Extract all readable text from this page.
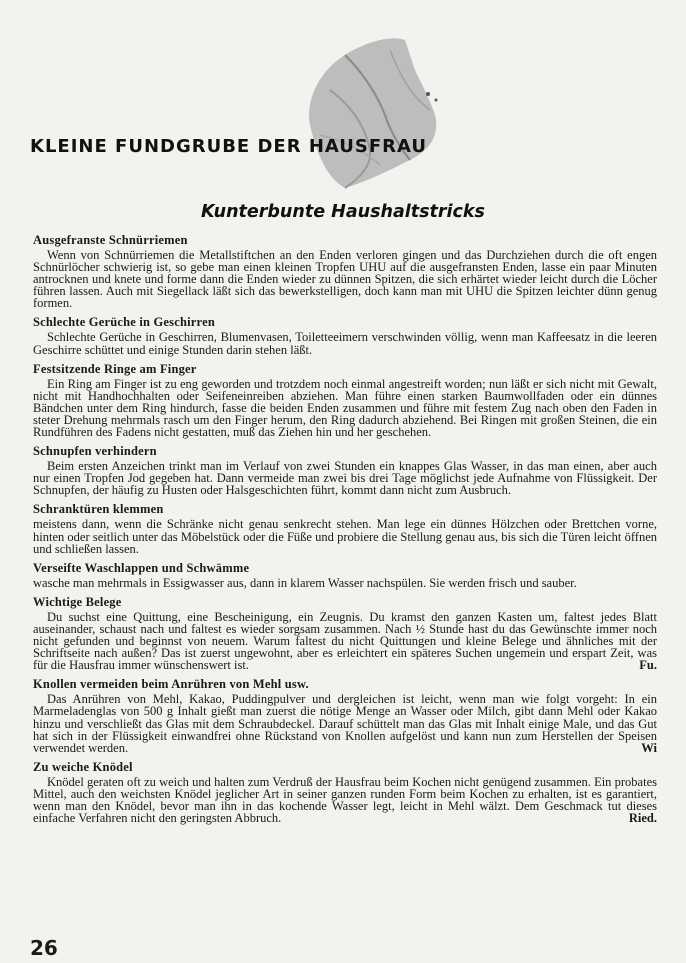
KLEINE FUNDGRUBE DER HAUSFRAU
Kunterbunte Haushaltstricks
Ausgefranste Schnürriemen

Wenn von Schnürriemen die Metallstiftchen an den Enden verloren gingen und das Durchziehen durch die oft engen Schnürlöcher schwierig ist, so gebe man einen kleinen Tropfen UHU auf die ausgefransten Enden, lasse ein paar Minuten antrocknen und knete und forme dann die Enden wieder zu dünnen Spitzen, die sich erhärtet wieder leicht durch die Löcher führen lassen. Auch mit Siegellack läßt sich das bewerkstelligen, doch kann man mit UHU die Spitzen leichter dünn genug formen.

Schlechte Gerüche in Geschirren

Schlechte Gerüche in Geschirren, Blumenvasen, Toiletteeimern verschwinden völlig, wenn man Kaffeesatz in die leeren Geschirre schüttet und einige Stunden darin stehen läßt.

Festsitzende Ringe am Finger

Ein Ring am Finger ist zu eng geworden und trotzdem noch einmal angestreift worden; nun läßt er sich nicht mit Gewalt, nicht mit Handhochhalten oder Seifeneinreiben abziehen. Man führe einen starken Baumwollfaden oder ein dünnes Bändchen unter dem Ring hindurch, fasse die beiden Enden zusammen und führe mit festem Zug nach oben den Faden in steter Drehung mehrmals rasch um den Finger herum, den Ring dadurch abziehend. Bei Ringen mit großen Steinen, die ein Rundführen des Fadens nicht gestatten, muß das Ziehen hin und her geschehen.

Schnupfen verhindern

Beim ersten Anzeichen trinkt man im Verlauf von zwei Stunden ein knappes Glas Wasser, in das man einen, aber auch nur einen Tropfen Jod gegeben hat. Dann vermeide man zwei bis drei Tage möglichst jede Aufnahme von Flüssigkeit. Der Schnupfen, der häufig zu Husten oder Halsgeschichten führt, kommt dann nicht zum Ausbruch.

Schranktüren klemmen

meistens dann, wenn die Schränke nicht genau senkrecht stehen. Man lege ein dünnes Hölzchen oder Brettchen vorne, hinten oder seitlich unter das Möbelstück oder die Füße und probiere die Stellung genau aus, bis sich die Türen leicht öffnen und schließen lassen.

Verseifte Waschlappen und Schwämme

wasche man mehrmals in Essigwasser aus, dann in klarem Wasser nachspülen. Sie werden frisch und sauber.

Wichtige Belege

Du suchst eine Quittung, eine Bescheinigung, ein Zeugnis. Du kramst den ganzen Kasten um, faltest jedes Blatt auseinander, schaust nach und faltest es wieder sorgsam zusammen. Nach ½ Stunde hast du das Gewünschte immer noch nicht gefunden und beginnst von neuem. Warum faltest du nicht Quittungen und kleine Belege und ähnliches mit der Schriftseite nach außen? Das ist zuerst ungewohnt, aber es erleichtert ein späteres Suchen ungemein und erspart Zeit, was für die Hausfrau immer wünschenswert ist.	Fu.
Knollen vermeiden beim Anrühren von Mehl usw.

Das Anrühren von Mehl, Kakao, Puddingpulver und dergleichen ist leicht, wenn man wie folgt vorgeht: In ein Marmeladenglas von 500 g Inhalt gießt man zuerst die nötige Menge an Wasser oder Milch, gibt dann Mehl oder Kakao hinzu und verschließt das Glas mit dem Schraubdeckel. Darauf schüttelt man das Glas mit Inhalt einige Male, und das Gut hat sich in der Flüssigkeit einwandfrei ohne Rückstand von Knollen aufgelöst und kann nun zum Herstellen der Speisen verwendet werden.	Wi
Zu weiche Knödel

Knödel geraten oft zu weich und halten zum Verdruß der Hausfrau beim Kochen nicht genügend zusammen. Ein probates Mittel, auch den weichsten Knödel jeglicher Art in seiner ganzen runden Form beim Kochen zu erhalten, ist es garantiert, wenn man den Knödel, bevor man ihn in das kochende Wasser legt, leicht in Mehl wälzt. Dem Geschmack tut dieses einfache Verfahren nicht den geringsten Abbruch.	Ried.
26
